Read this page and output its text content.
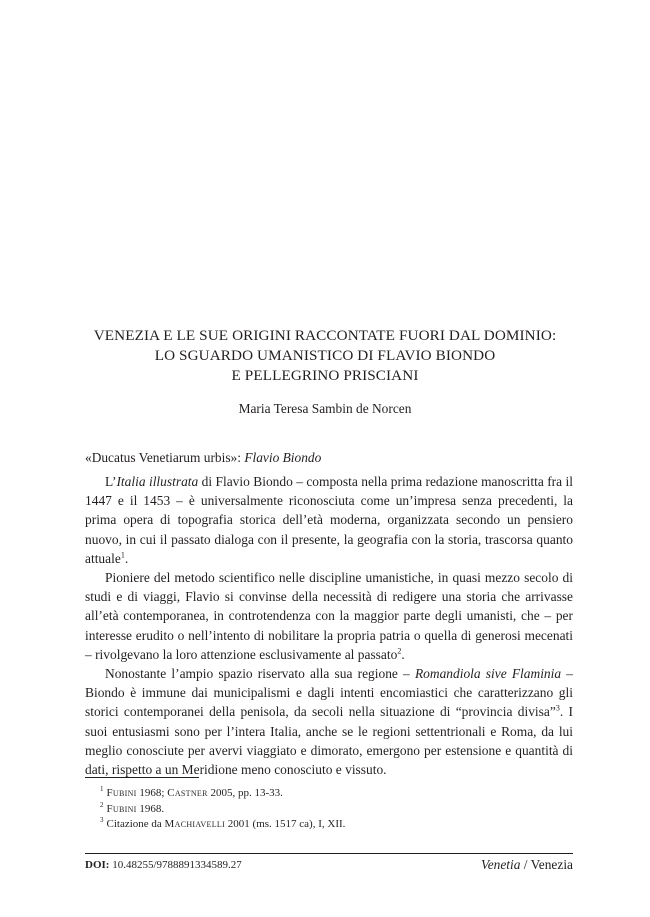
VENEZIA E LE SUE ORIGINI RACCONTATE FUORI DAL DOMINIO:
LO SGUARDO UMANISTICO DI FLAVIO BIONDO
E PELLEGRINO PRISCIANI
Maria Teresa Sambin de Norcen
«Ducatus Venetiarum urbis»: Flavio Biondo

L’Italia illustrata di Flavio Biondo – composta nella prima redazione manoscritta fra il 1447 e il 1453 – è universalmente riconosciuta come un’impresa senza precedenti, la prima opera di topografia storica dell’età moderna, organizzata secondo un pensiero nuovo, in cui il passato dialoga con il presente, la geografia con la storia, trascorsa quanto attuale$^1$.

Pioniere del metodo scientifico nelle discipline umanistiche, in quasi mezzo secolo di studi e di viaggi, Flavio si convinse della necessità di redigere una storia che arrivasse all’età contemporanea, in controtendenza con la maggior parte degli umanisti, che – per interesse erudito o nell’intento di nobilitare la propria patria o quella di generosi mecenati – rivolgevano la loro attenzione esclusivamente al passato$^2$.

Nonostante l’ampio spazio riservato alla sua regione – Romandiola sive Flaminia – Biondo è immune dai municipalismi e dagli intenti encomiastici che caratterizzano gli storici contemporanei della penisola, da secoli nella situazione di “provincia divisa”$^3$. I suoi entusiasmi sono per l’intera Italia, anche se le regioni settentrionali e Roma, da lui meglio conosciute per avervi viaggiato e dimorato, emergono per estensione e quantità di dati, rispetto a un Meridione meno conosciuto e vissuto.

$^1$ Fubini 1968; Castner 2005, pp. 13-33.
$^2$ Fubini 1968.
$^3$ Citazione da Machiavelli 2001 (ms. 1517 ca), I, XII.
DOI: 10.48255/9788891334589.27	Venetia / Venezia
